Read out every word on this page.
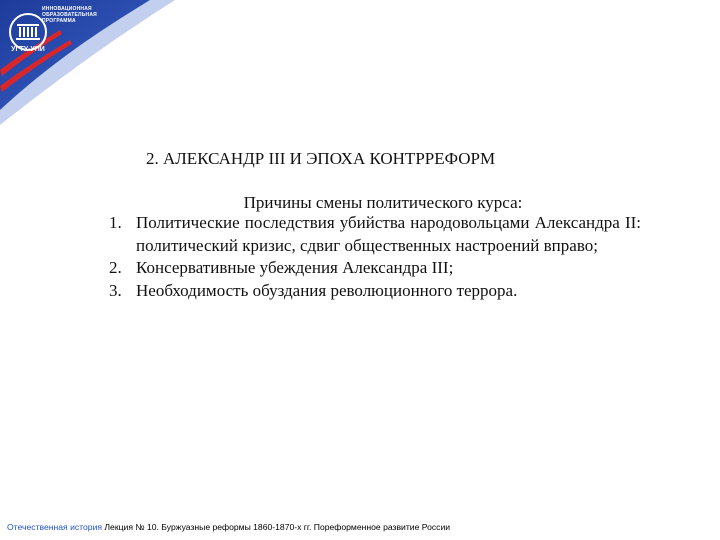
УГТУ-УПИ
ИННОВАЦИОННАЯ
ОБРАЗОВАТЕЛЬНАЯ
ПРОГРАММА
2. АЛЕКСАНДР III И ЭПОХА КОНТРРЕФОРМ
Причины смены политического курса:
1. Политические последствия убийства народовольцами Александра II: политический кризис, сдвиг общественных настроений вправо;
2. Консервативные убеждения Александра III;
3. Необходимость обуздания революционного террора.
Отечественная история Лекция № 10. Буржуазные реформы 1860-1870-х гг. Пореформенное развитие России
